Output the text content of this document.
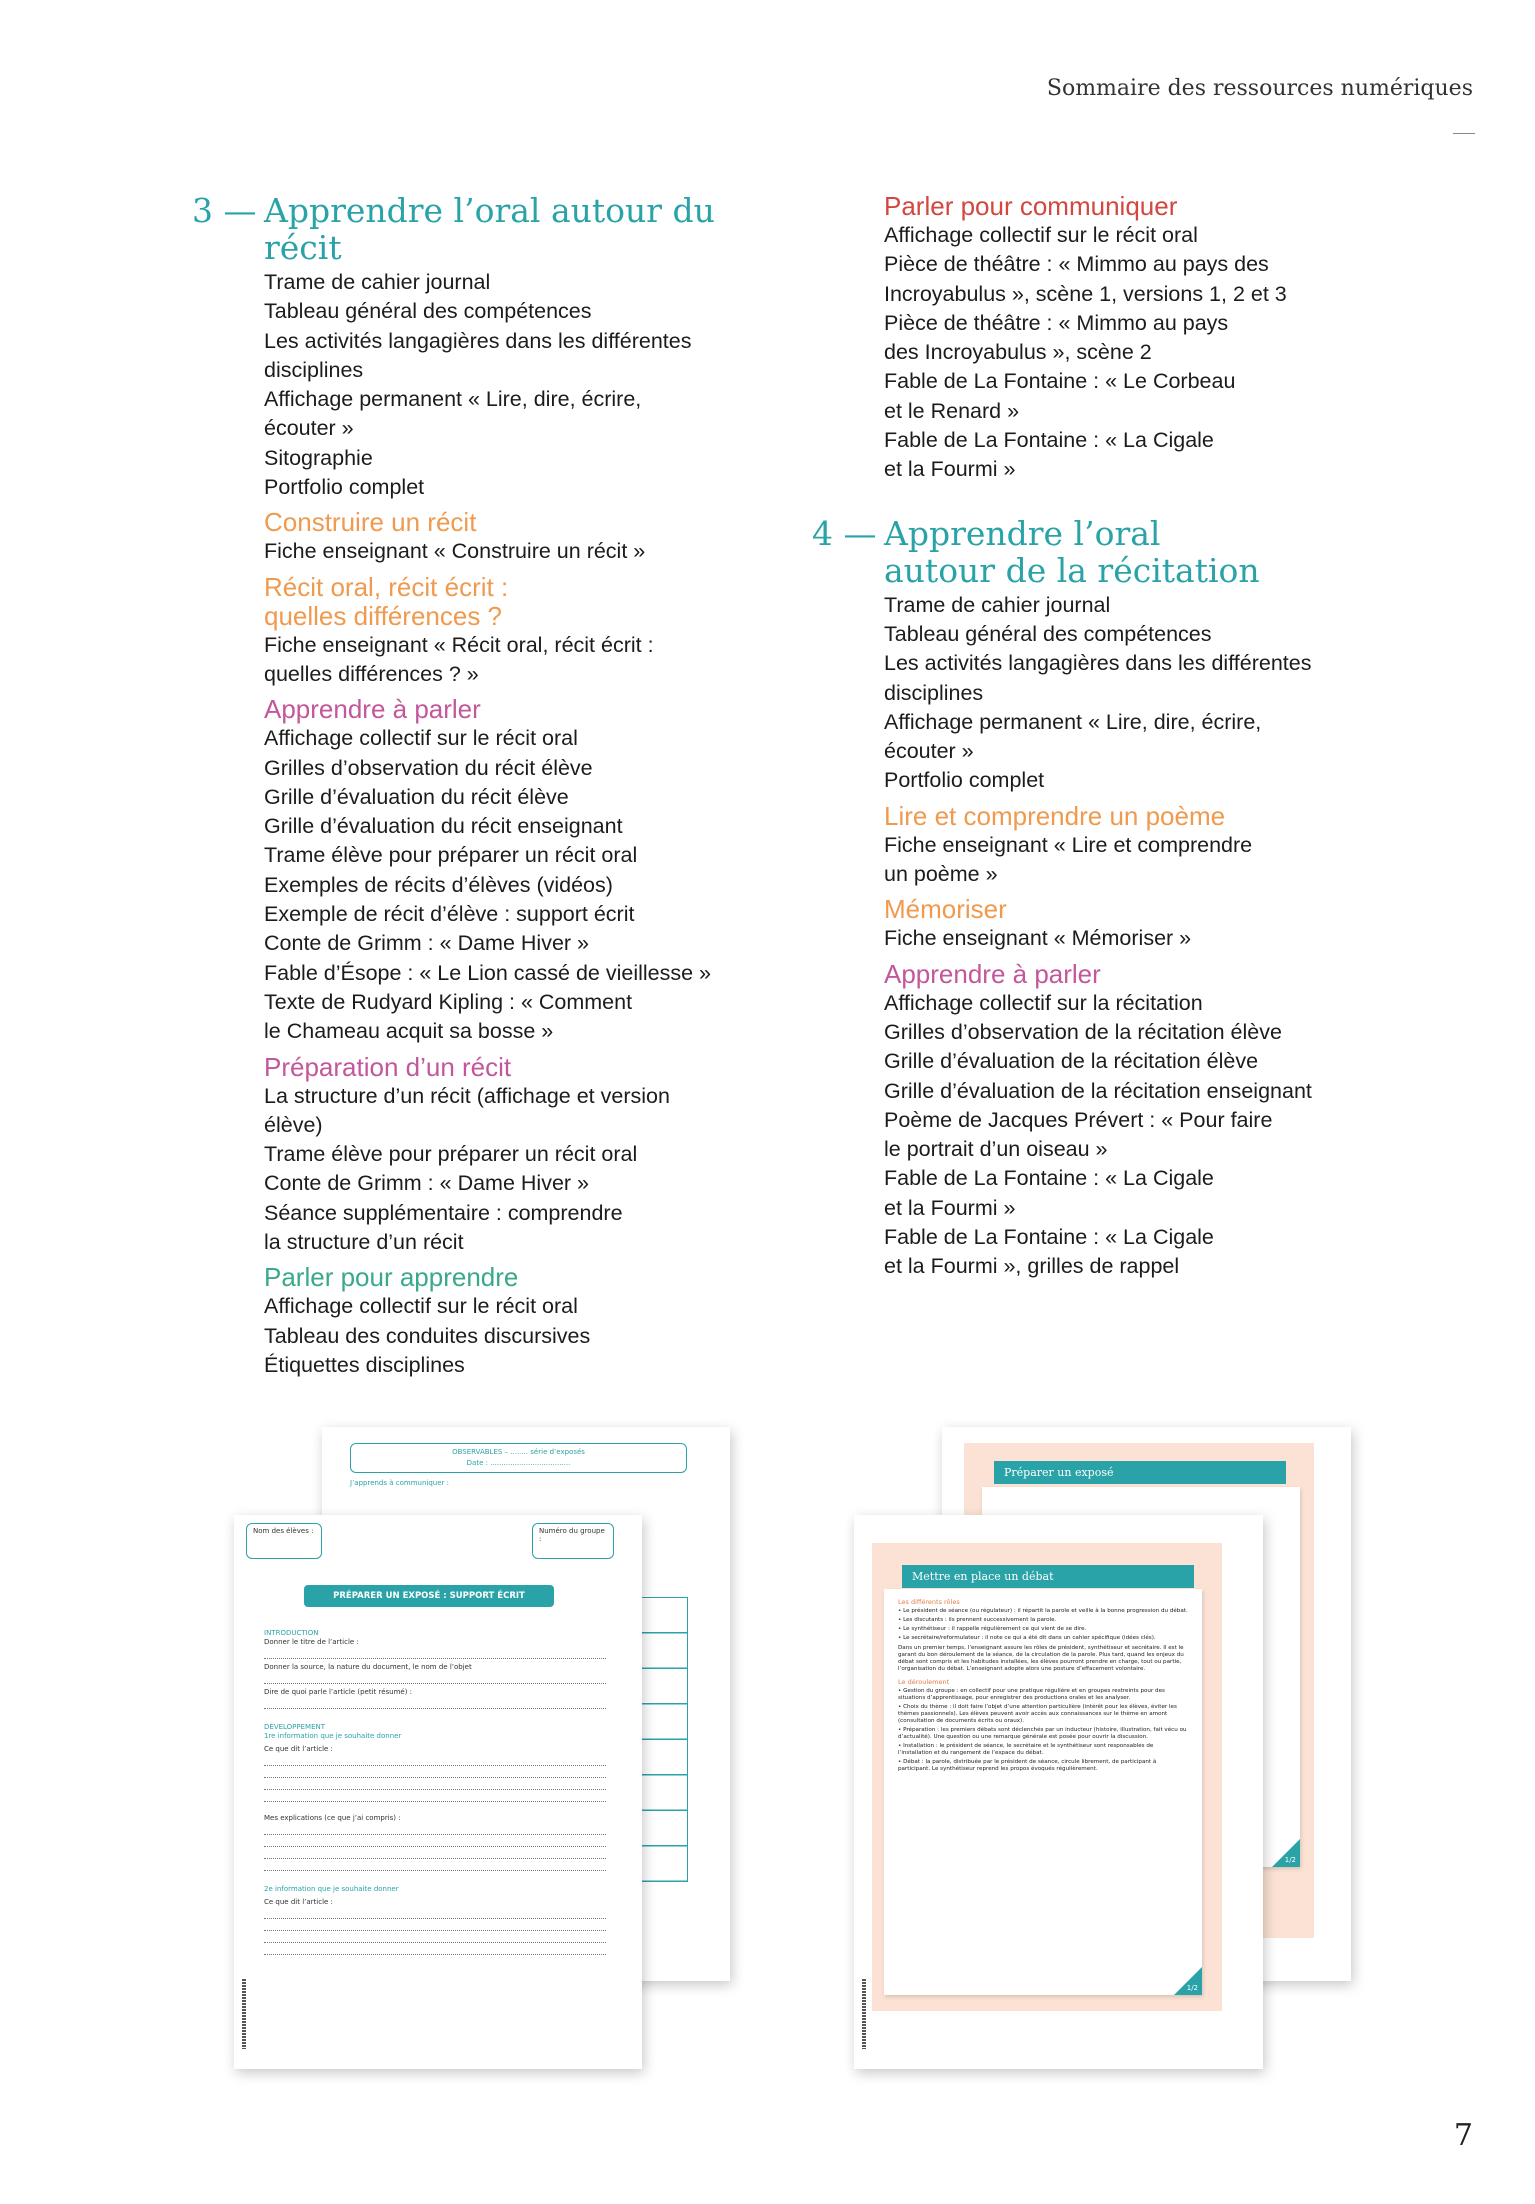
Sommaire des ressources numériques
3 — Apprendre l’oral autour du récit
Trame de cahier journal
Tableau général des compétences
Les activités langagières dans les différentes
disciplines
Affichage permanent « Lire, dire, écrire,
écouter »
Sitographie
Portfolio complet
Construire un récit
Fiche enseignant « Construire un récit »
Récit oral, récit écrit :
quelles différences ?
Fiche enseignant « Récit oral, récit écrit :
quelles différences ? »
Apprendre à parler
Affichage collectif sur le récit oral
Grilles d’observation du récit élève
Grille d’évaluation du récit élève
Grille d’évaluation du récit enseignant
Trame élève pour préparer un récit oral
Exemples de récits d’élèves (vidéos)
Exemple de récit d’élève : support écrit
Conte de Grimm : « Dame Hiver »
Fable d’Ésope : « Le Lion cassé de vieillesse »
Texte de Rudyard Kipling : « Comment
le Chameau acquit sa bosse »
Préparation d’un récit
La structure d’un récit (affichage et version
élève)
Trame élève pour préparer un récit oral
Conte de Grimm : « Dame Hiver »
Séance supplémentaire : comprendre
la structure d’un récit
Parler pour apprendre
Affichage collectif sur le récit oral
Tableau des conduites discursives
Étiquettes disciplines
Parler pour communiquer
Affichage collectif sur le récit oral
Pièce de théâtre : « Mimmo au pays des
Incroyabulus », scène 1, versions 1, 2 et 3
Pièce de théâtre : « Mimmo au pays
des Incroyabulus », scène 2
Fable de La Fontaine : « Le Corbeau
et le Renard »
Fable de La Fontaine : « La Cigale
et la Fourmi »
4 — Apprendre l’oral
autour de la récitation
Trame de cahier journal
Tableau général des compétences
Les activités langagières dans les différentes
disciplines
Affichage permanent « Lire, dire, écrire,
écouter »
Portfolio complet
Lire et comprendre un poème
Fiche enseignant « Lire et comprendre
un poème »
Mémoriser
Fiche enseignant « Mémoriser »
Apprendre à parler
Affichage collectif sur la récitation
Grilles d’observation de la récitation élève
Grille d’évaluation de la récitation élève
Grille d’évaluation de la récitation enseignant
Poème de Jacques Prévert : « Pour faire
le portrait d’un oiseau »
Fable de La Fontaine : « La Cigale
et la Fourmi »
Fable de La Fontaine : « La Cigale
et la Fourmi », grilles de rappel
OBSERVABLES – ........ série d’exposés
Date : ....................................
J’apprends à communiquer :
Nom des élèves :	Numéro du groupe :
PRÉPARER UN EXPOSÉ : SUPPORT ÉCRIT
INTRODUCTION
Donner le titre de l’article :
Donner la source, la nature du document, le nom de l’objet
Dire de quoi parle l’article (petit résumé) :
DÉVELOPPEMENT
1re information que je souhaite donner
Ce que dit l’article :
Mes explications (ce que j’ai compris) :
2e information que je souhaite donner
Ce que dit l’article :
Préparer un exposé
1/2
Mettre en place un débat
Les différents rôles
• Le président de séance (ou régulateur) : il répartit la parole et veille à la bonne progression du débat.
• Les discutants : ils prennent successivement la parole.
• Le synthétiseur : il rappelle régulièrement ce qui vient de se dire.
• Le secrétaire/reformulateur : il note ce qui a été dit dans un cahier spécifique (idées clés).
Dans un premier temps, l’enseignant assure les rôles de président, synthétiseur et secrétaire. Il est le garant du bon déroulement de la séance, de la circulation de la parole. Plus tard, quand les enjeux du débat sont compris et les habitudes installées, les élèves pourront prendre en charge, tout ou partie, l’organisation du débat. L’enseignant adopte alors une posture d’effacement volontaire.
Le déroulement
• Gestion du groupe : en collectif pour une pratique régulière et en groupes restreints pour des situations d’apprentissage, pour enregistrer des productions orales et les analyser.
• Choix du thème : il doit faire l’objet d’une attention particulière (intérêt pour les élèves, éviter les thèmes passionnels). Les élèves peuvent avoir accès aux connaissances sur le thème en amont (consultation de documents écrits ou oraux).
• Préparation : les premiers débats sont déclenchés par un inducteur (histoire, illustration, fait vécu ou d’actualité). Une question ou une remarque générale est posée pour ouvrir la discussion.
• Installation : le président de séance, le secrétaire et le synthétiseur sont responsables de l’installation et du rangement de l’espace du débat.
• Débat : la parole, distribuée par le président de séance, circule librement, de participant à participant. Le synthétiseur reprend les propos évoqués régulièrement.
1/2
7
